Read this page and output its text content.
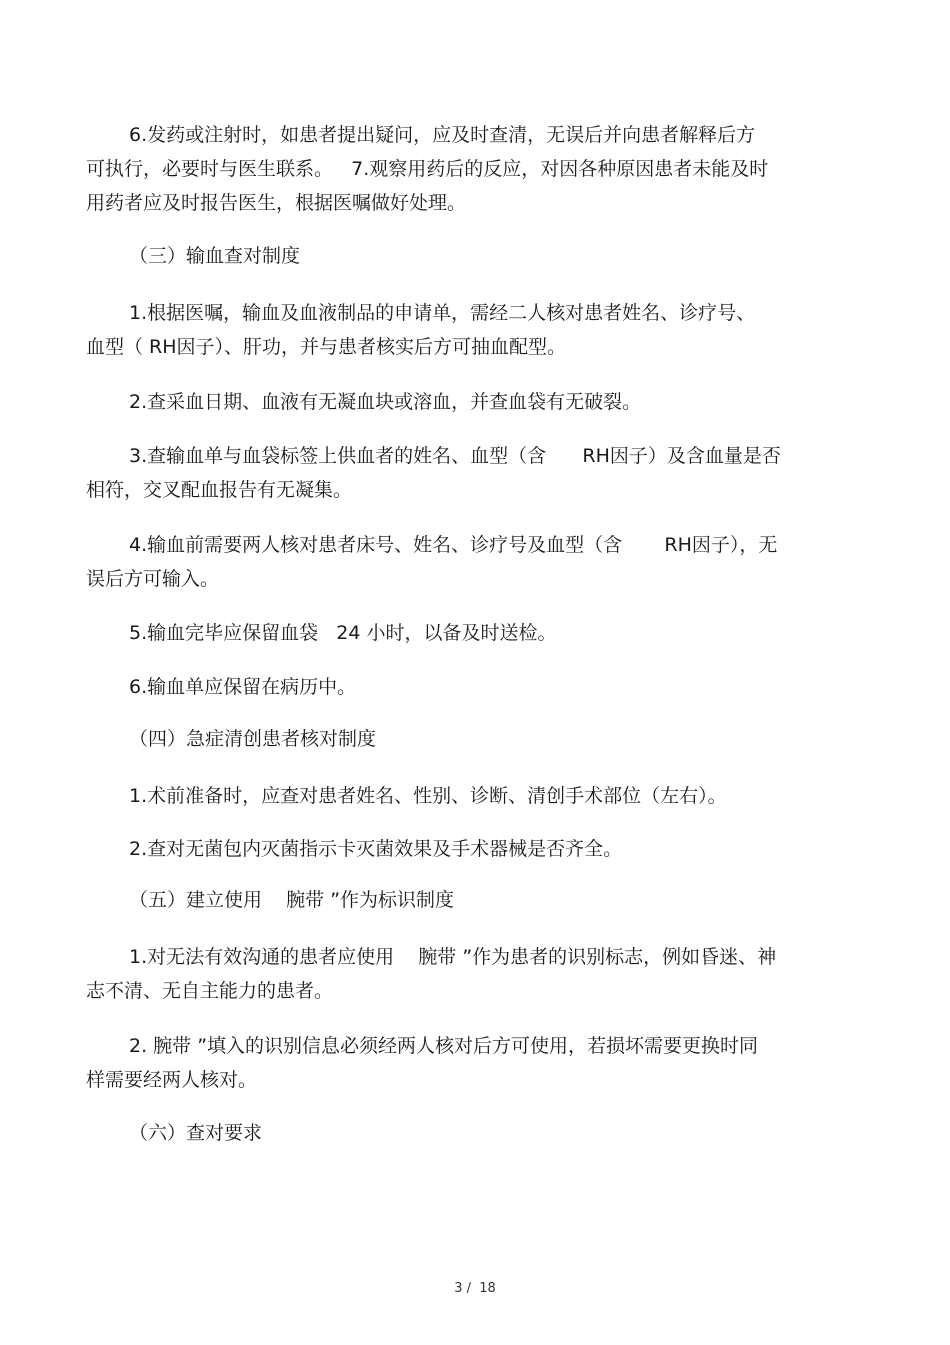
6.发药或注射时，如患者提出疑问，应及时查清，无误后并向患者解释后方
可执行，必要时与医生联系。   7.观察用药后的反应，对因各种原因患者未能及时
用药者应及时报告医生，根据医嘱做好处理。
（三）输血查对制度
1.根据医嘱，输血及血液制品的申请单，需经二人核对患者姓名、诊疗号、
血型（ RH因子）、肝功，并与患者核实后方可抽血配型。
2.查采血日期、血液有无凝血块或溶血，并查血袋有无破裂。
3.查输血单与血袋标签上供血者的姓名、血型（含      RH因子）及含血量是否
相符，交叉配血报告有无凝集。
4.输血前需要两人核对患者床号、姓名、诊疗号及血型（含       RH因子），无
误后方可输入。
5.输血完毕应保留血袋   24 小时，以备及时送检。
6.输血单应保留在病历中。
（四）急症清创患者核对制度
1.术前准备时，应查对患者姓名、性别、诊断、清创手术部位（左右）。
2.查对无菌包内灭菌指示卡灭菌效果及手术器械是否齐全。
（五）建立使用    腕带 ”作为标识制度
1.对无法有效沟通的患者应使用    腕带 ”作为患者的识别标志，例如昏迷、神
志不清、无自主能力的患者。
2. 腕带 ”填入的识别信息必须经两人核对后方可使用，若损坏需要更换时同
样需要经两人核对。
（六）查对要求
3 /  18
